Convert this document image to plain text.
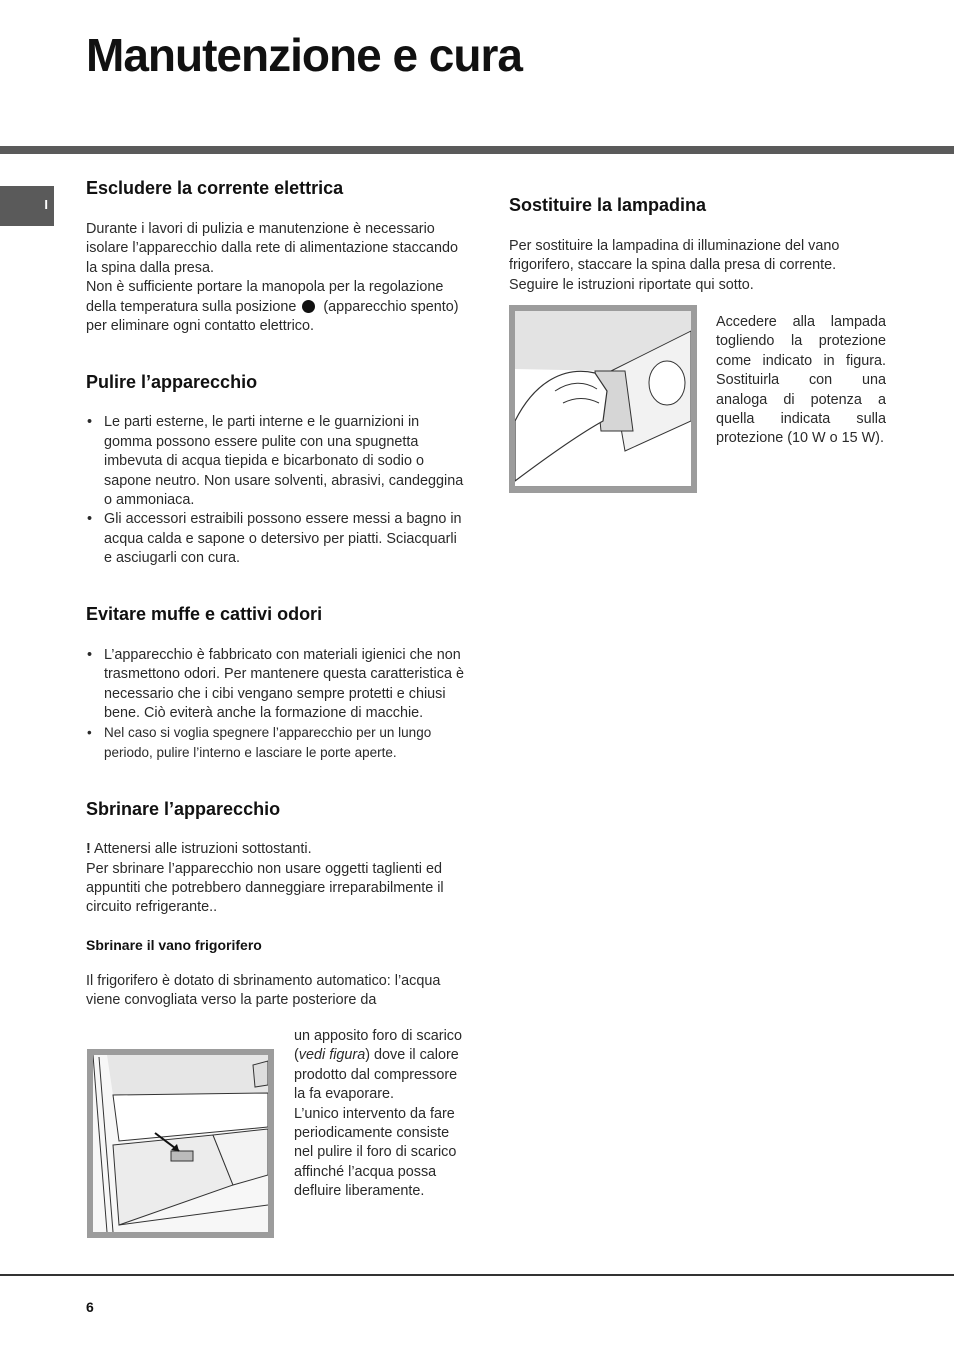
Manutenzione e cura
I
Escludere la corrente elettrica

Durante i lavori di pulizia e manutenzione è necessario isolare l’apparecchio dalla rete di alimentazione staccando la spina dalla presa.

Non è sufficiente portare la manopola per la regolazione della temperatura sulla posizione (apparecchio spento) per eliminare ogni contatto elettrico.

Pulire l’apparecchio
• Le parti esterne, le parti interne e le guarnizioni in gomma possono essere pulite con una spugnetta imbevuta di acqua tiepida e bicarbonato di sodio o sapone neutro. Non usare solventi, abrasivi, candeggina o ammoniaca.
• Gli accessori estraibili possono essere messi a bagno in acqua calda e sapone o detersivo per piatti. Sciacquarli e asciugarli con cura.
Evitare muffe e cattivi odori
• L’apparecchio è fabbricato con materiali igienici che non trasmettono odori. Per mantenere questa caratteristica è necessario che i cibi vengano sempre protetti e chiusi bene. Ciò eviterà anche la formazione di macchie.
• Nel caso si voglia spegnere l’apparecchio per un lungo periodo, pulire l’interno e lasciare le porte aperte.
Sbrinare l’apparecchio

! Attenersi alle istruzioni sottostanti.

Per sbrinare l’apparecchio non usare oggetti taglienti ed appuntiti che potrebbero danneggiare irreparabilmente il circuito refrigerante..

Sbrinare il vano frigorifero

Il frigorifero è dotato di sbrinamento automatico: l’acqua viene convogliata verso la parte posteriore da

un apposito foro di scarico (vedi figura) dove il calore prodotto dal compressore la fa evaporare.

L’unico intervento da fare periodicamente consiste nel pulire il foro di scarico affinché l’acqua possa defluire liberamente.

Sostituire la lampadina

Per sostituire la lampadina di illuminazione del vano frigorifero, staccare la spina dalla presa di corrente. Seguire le istruzioni riportate qui sotto.

Accedere alla lampada togliendo la protezione come indicato in figura. Sostituirla con una analoga di potenza a quella indicata sulla protezione (10 W o 15 W).

6
